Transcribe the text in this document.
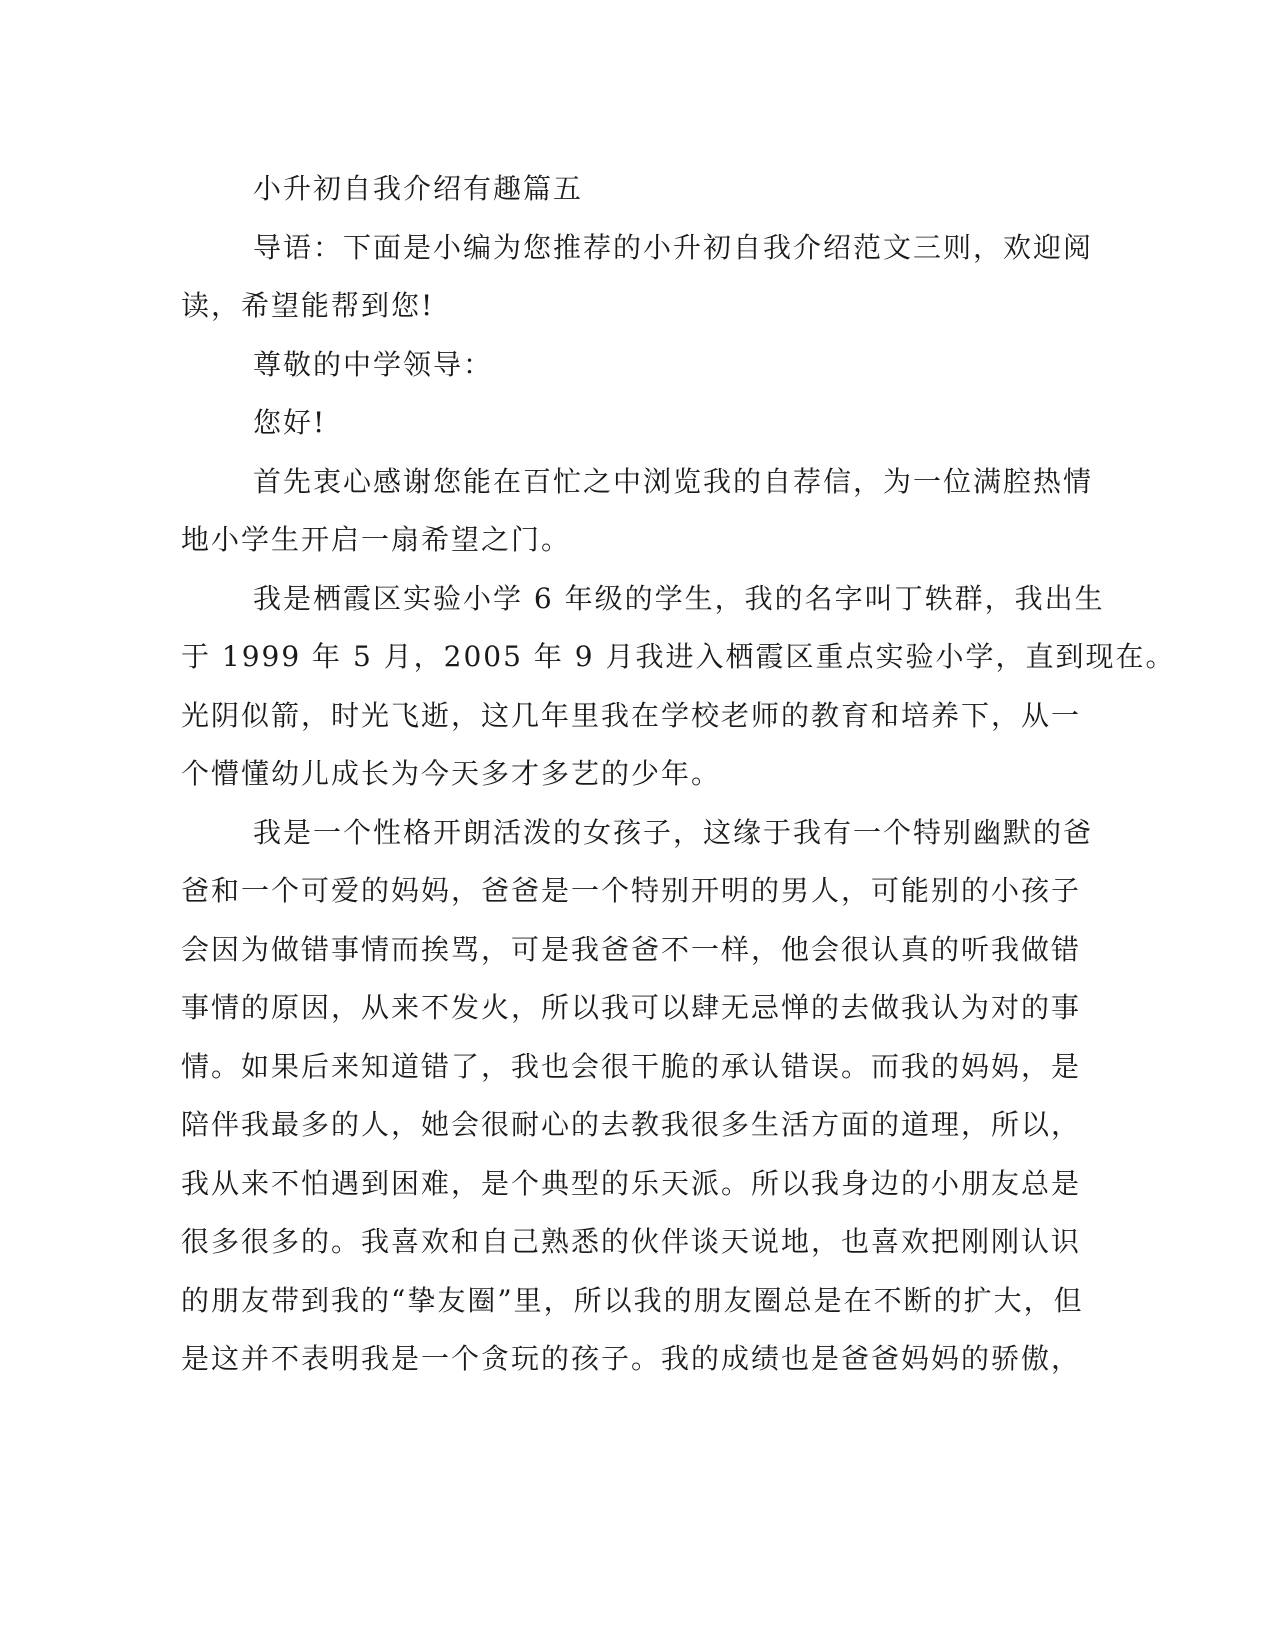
小升初自我介绍有趣篇五
导语：下面是小编为您推荐的小升初自我介绍范文三则，欢迎阅
读，希望能帮到您!
尊敬的中学领导：
您好!
首先衷心感谢您能在百忙之中浏览我的自荐信，为一位满腔热情
地小学生开启一扇希望之门。
我是栖霞区实验小学 6 年级的学生，我的名字叫丁轶群，我出生
于 1999 年 5 月，2005 年 9 月我进入栖霞区重点实验小学，直到现在。
光阴似箭，时光飞逝，这几年里我在学校老师的教育和培养下，从一
个懵懂幼儿成长为今天多才多艺的少年。
我是一个性格开朗活泼的女孩子，这缘于我有一个特别幽默的爸
爸和一个可爱的妈妈，爸爸是一个特别开明的男人，可能别的小孩子
会因为做错事情而挨骂，可是我爸爸不一样，他会很认真的听我做错
事情的原因，从来不发火，所以我可以肆无忌惮的去做我认为对的事
情。如果后来知道错了，我也会很干脆的承认错误。而我的妈妈，是
陪伴我最多的人，她会很耐心的去教我很多生活方面的道理，所以，
我从来不怕遇到困难，是个典型的乐天派。所以我身边的小朋友总是
很多很多的。我喜欢和自己熟悉的伙伴谈天说地，也喜欢把刚刚认识
的朋友带到我的“挚友圈”里，所以我的朋友圈总是在不断的扩大，但
是这并不表明我是一个贪玩的孩子。我的成绩也是爸爸妈妈的骄傲，
